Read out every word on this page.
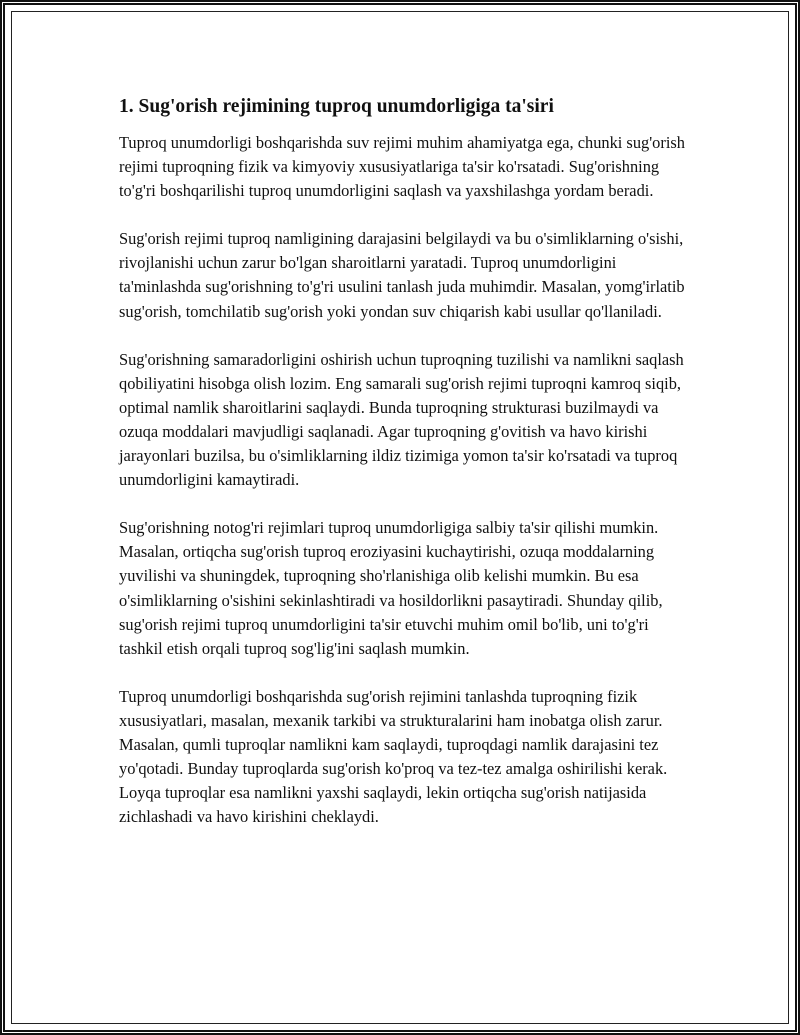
1. Sug'orish rejimining tuproq unumdorligiga ta'siri

Tuproq unumdorligi boshqarishda suv rejimi muhim ahamiyatga ega, chunki sug'orish rejimi tuproqning fizik va kimyoviy xususiyatlariga ta'sir ko'rsatadi. Sug'orishning to'g'ri boshqarilishi tuproq unumdorligini saqlash va yaxshilashga yordam beradi.

Sug'orish rejimi tuproq namligining darajasini belgilaydi va bu o'simliklarning o'sishi, rivojlanishi uchun zarur bo'lgan sharoitlarni yaratadi. Tuproq unumdorligini ta'minlashda sug'orishning to'g'ri usulini tanlash juda muhimdir. Masalan, yomg'irlatib sug'orish, tomchilatib sug'orish yoki yondan suv chiqarish kabi usullar qo'llaniladi.

Sug'orishning samaradorligini oshirish uchun tuproqning tuzilishi va namlikni saqlash qobiliyatini hisobga olish lozim. Eng samarali sug'orish rejimi tuproqni kamroq siqib, optimal namlik sharoitlarini saqlaydi. Bunda tuproqning strukturasi buzilmaydi va ozuqa moddalari mavjudligi saqlanadi. Agar tuproqning g'ovitish va havo kirishi jarayonlari buzilsa, bu o'simliklarning ildiz tizimiga yomon ta'sir ko'rsatadi va tuproq unumdorligini kamaytiradi.

Sug'orishning notog'ri rejimlari tuproq unumdorligiga salbiy ta'sir qilishi mumkin. Masalan, ortiqcha sug'orish tuproq eroziyasini kuchaytirishi, ozuqa moddalarning yuvilishi va shuningdek, tuproqning sho'rlanishiga olib kelishi mumkin. Bu esa o'simliklarning o'sishini sekinlashtiradi va hosildorlikni pasaytiradi. Shunday qilib, sug'orish rejimi tuproq unumdorligini ta'sir etuvchi muhim omil bo'lib, uni to'g'ri tashkil etish orqali tuproq sog'lig'ini saqlash mumkin.

Tuproq unumdorligi boshqarishda sug'orish rejimini tanlashda tuproqning fizik xususiyatlari, masalan, mexanik tarkibi va strukturalarini ham inobatga olish zarur. Masalan, qumli tuproqlar namlikni kam saqlaydi, tuproqdagi namlik darajasini tez yo'qotadi. Bunday tuproqlarda sug'orish ko'proq va tez-tez amalga oshirilishi kerak. Loyqa tuproqlar esa namlikni yaxshi saqlaydi, lekin ortiqcha sug'orish natijasida zichlashadi va havo kirishini cheklaydi.
